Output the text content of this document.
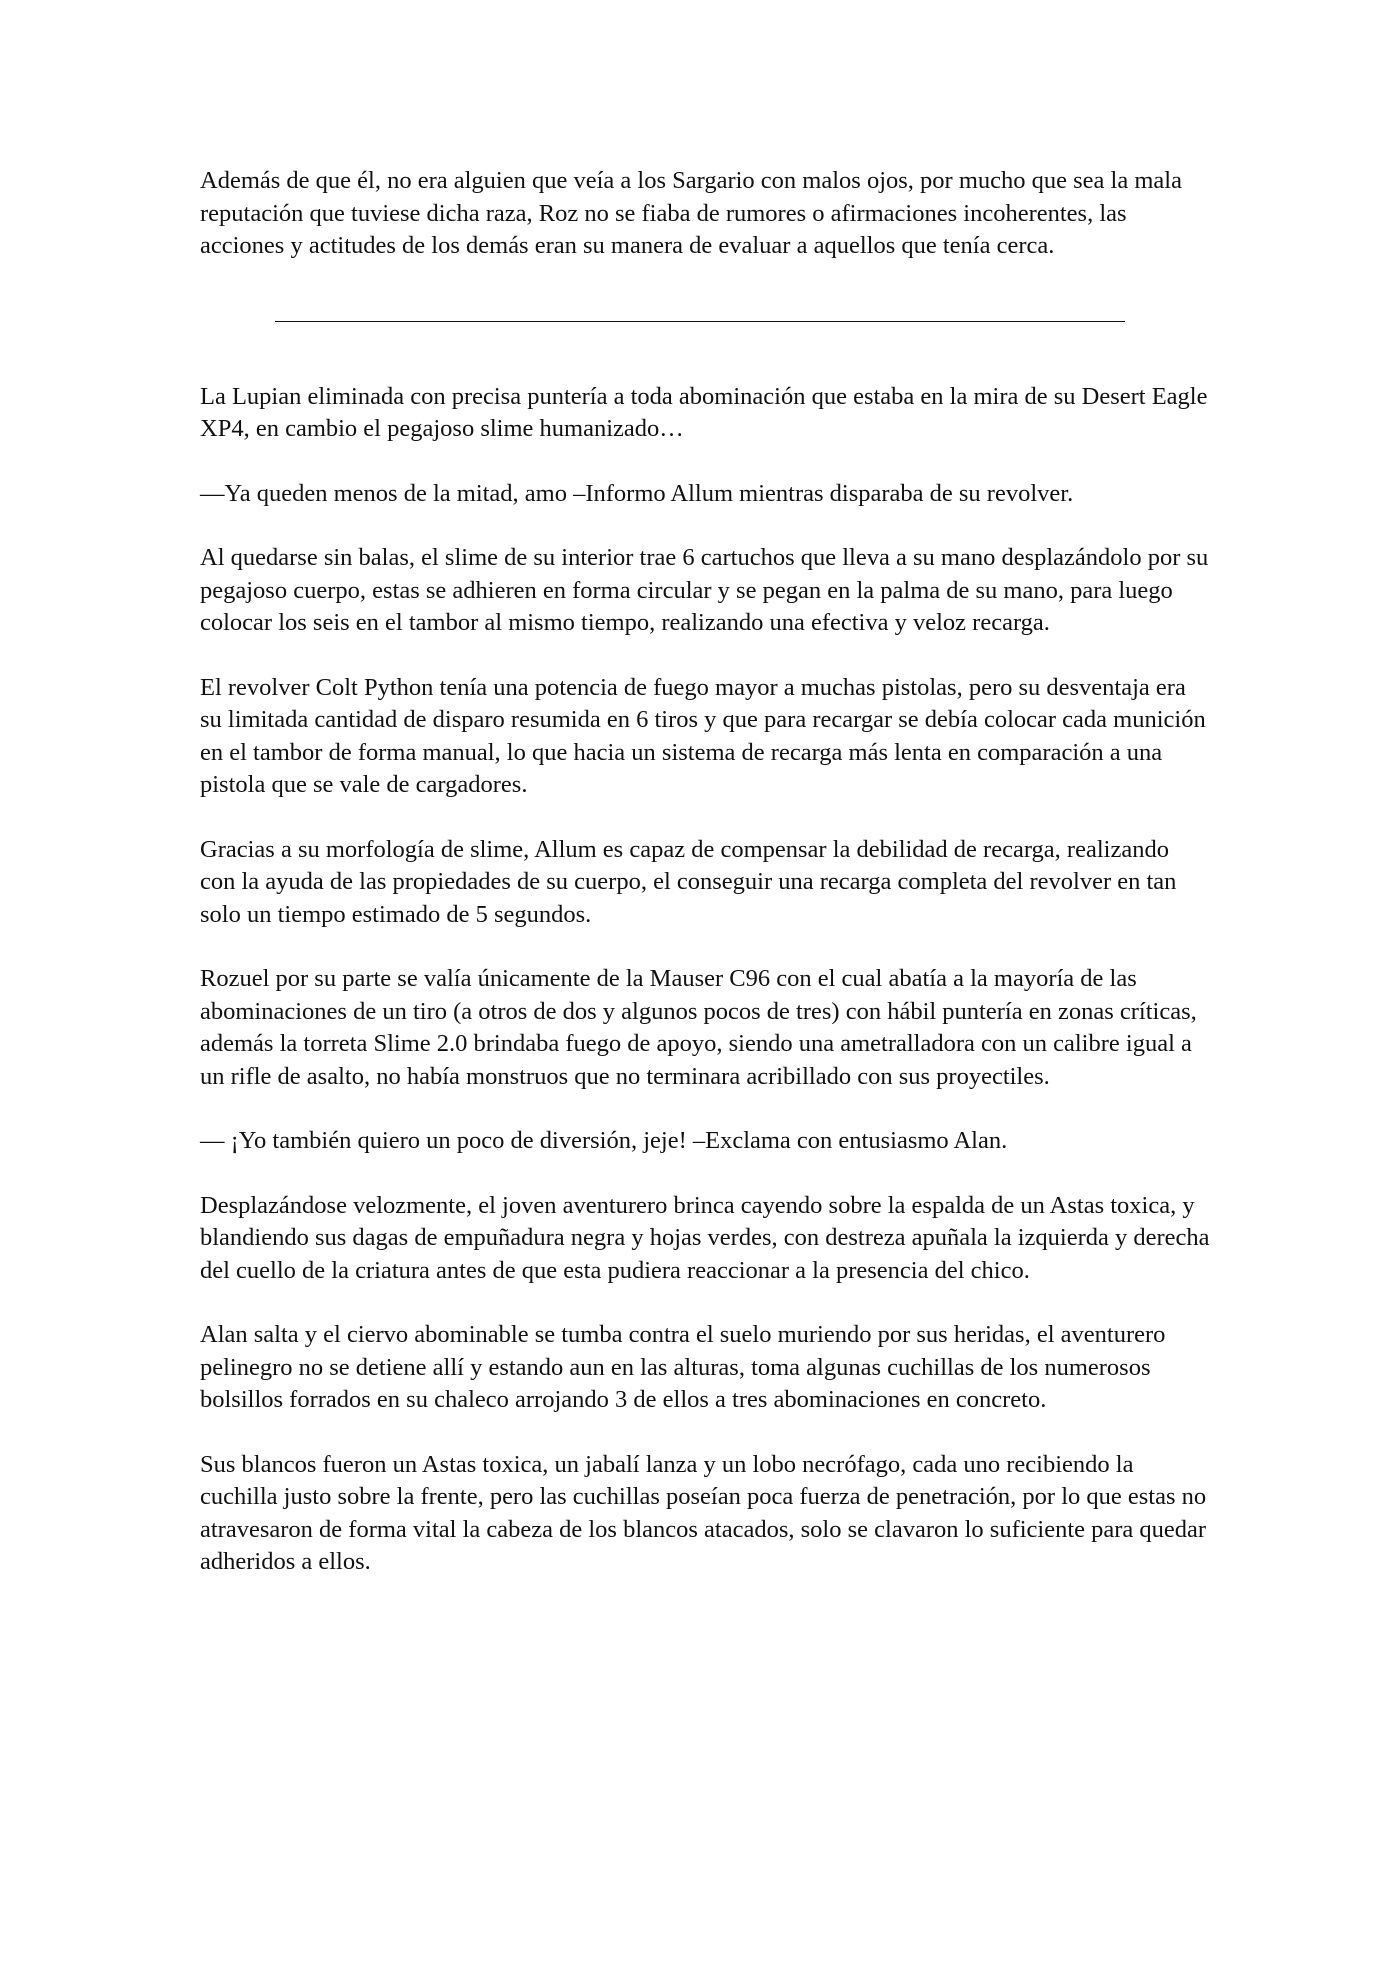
Además de que él, no era alguien que veía a los Sargario con malos ojos, por mucho que sea la mala reputación que tuviese dicha raza, Roz no se fiaba de rumores o afirmaciones incoherentes, las acciones y actitudes de los demás eran su manera de evaluar a aquellos que tenía cerca.

La Lupian eliminada con precisa puntería a toda abominación que estaba en la mira de su Desert Eagle XP4, en cambio el pegajoso slime humanizado…

—Ya queden menos de la mitad, amo –Informo Allum mientras disparaba de su revolver.

Al quedarse sin balas, el slime de su interior trae 6 cartuchos que lleva a su mano desplazándolo por su pegajoso cuerpo, estas se adhieren en forma circular y se pegan en la palma de su mano, para luego colocar los seis en el tambor al mismo tiempo, realizando una efectiva y veloz recarga.

El revolver Colt Python tenía una potencia de fuego mayor a muchas pistolas, pero su desventaja era su limitada cantidad de disparo resumida en 6 tiros y que para recargar se debía colocar cada munición en el tambor de forma manual, lo que hacia un sistema de recarga más lenta en comparación a una pistola que se vale de cargadores.

Gracias a su morfología de slime, Allum es capaz de compensar la debilidad de recarga, realizando con la ayuda de las propiedades de su cuerpo, el conseguir una recarga completa del revolver en tan solo un tiempo estimado de 5 segundos.

Rozuel por su parte se valía únicamente de la Mauser C96 con el cual abatía a la mayoría de las abominaciones de un tiro (a otros de dos y algunos pocos de tres) con hábil puntería en zonas críticas, además la torreta Slime 2.0 brindaba fuego de apoyo, siendo una ametralladora con un calibre igual a un rifle de asalto, no había monstruos que no terminara acribillado con sus proyectiles.

— ¡Yo también quiero un poco de diversión, jeje! –Exclama con entusiasmo Alan.

Desplazándose velozmente, el joven aventurero brinca cayendo sobre la espalda de un Astas toxica, y blandiendo sus dagas de empuñadura negra y hojas verdes, con destreza apuñala la izquierda y derecha del cuello de la criatura antes de que esta pudiera reaccionar a la presencia del chico.

Alan salta y el ciervo abominable se tumba contra el suelo muriendo por sus heridas, el aventurero pelinegro no se detiene allí y estando aun en las alturas, toma algunas cuchillas de los numerosos bolsillos forrados en su chaleco arrojando 3 de ellos a tres abominaciones en concreto.

Sus blancos fueron un Astas toxica, un jabalí lanza y un lobo necrófago, cada uno recibiendo la cuchilla justo sobre la frente, pero las cuchillas poseían poca fuerza de penetración, por lo que estas no atravesaron de forma vital la cabeza de los blancos atacados, solo se clavaron lo suficiente para quedar adheridos a ellos.
